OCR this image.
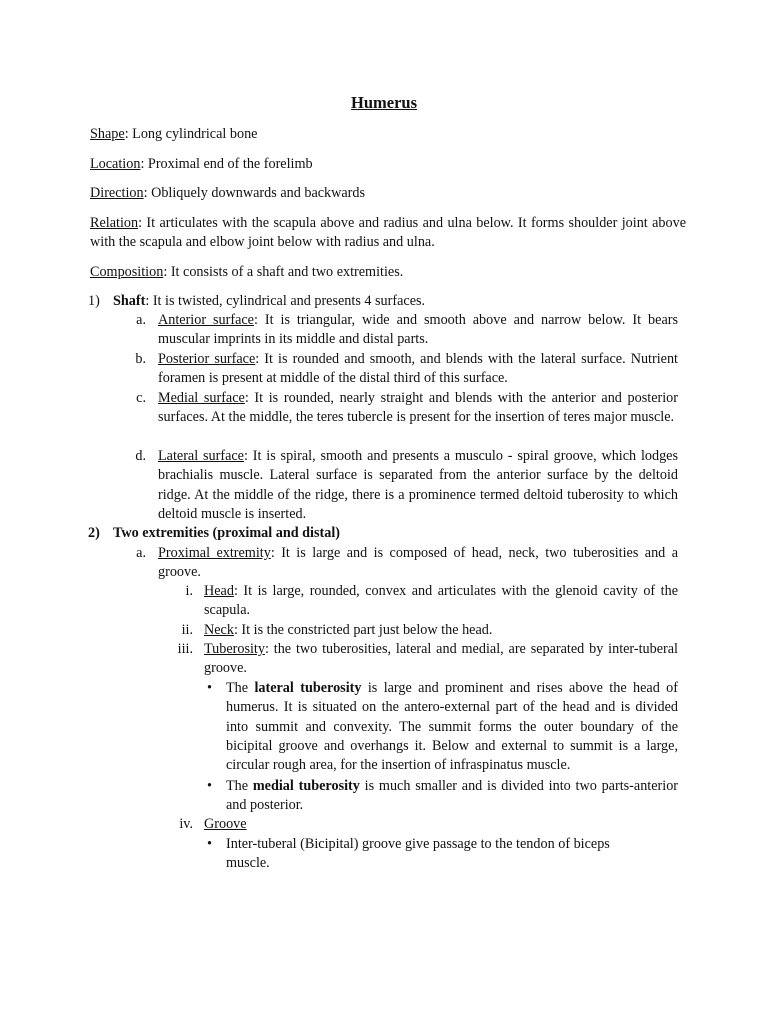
Humerus
Shape: Long cylindrical bone
Location: Proximal end of the forelimb
Direction: Obliquely downwards and backwards
Relation: It articulates with the scapula above and radius and ulna below. It forms shoulder joint above with the scapula and elbow joint below with radius and ulna.
Composition: It consists of a shaft and two extremities.
1) Shaft: It is twisted, cylindrical and presents 4 surfaces.
a. Anterior surface: It is triangular, wide and smooth above and narrow below. It bears muscular imprints in its middle and distal parts.
b. Posterior surface: It is rounded and smooth, and blends with the lateral surface. Nutrient foramen is present at middle of the distal third of this surface.
c. Medial surface: It is rounded, nearly straight and blends with the anterior and posterior surfaces. At the middle, the teres tubercle is present for the insertion of teres major muscle.
d. Lateral surface: It is spiral, smooth and presents a musculo - spiral groove, which lodges brachialis muscle. Lateral surface is separated from the anterior surface by the deltoid ridge. At the middle of the ridge, there is a prominence termed deltoid tuberosity to which deltoid muscle is inserted.
2) Two extremities (proximal and distal)
a. Proximal extremity: It is large and is composed of head, neck, two tuberosities and a groove.
i. Head: It is large, rounded, convex and articulates with the glenoid cavity of the scapula.
ii. Neck: It is the constricted part just below the head.
iii. Tuberosity: the two tuberosities, lateral and medial, are separated by inter-tuberal groove.
• The lateral tuberosity is large and prominent and rises above the head of humerus. It is situated on the antero-external part of the head and is divided into summit and convexity. The summit forms the outer boundary of the bicipital groove and overhangs it. Below and external to summit is a large, circular rough area, for the insertion of infraspinatus muscle.
• The medial tuberosity is much smaller and is divided into two parts-anterior and posterior.
iv. Groove
• Inter-tuberal (Bicipital) groove give passage to the tendon of biceps muscle.
